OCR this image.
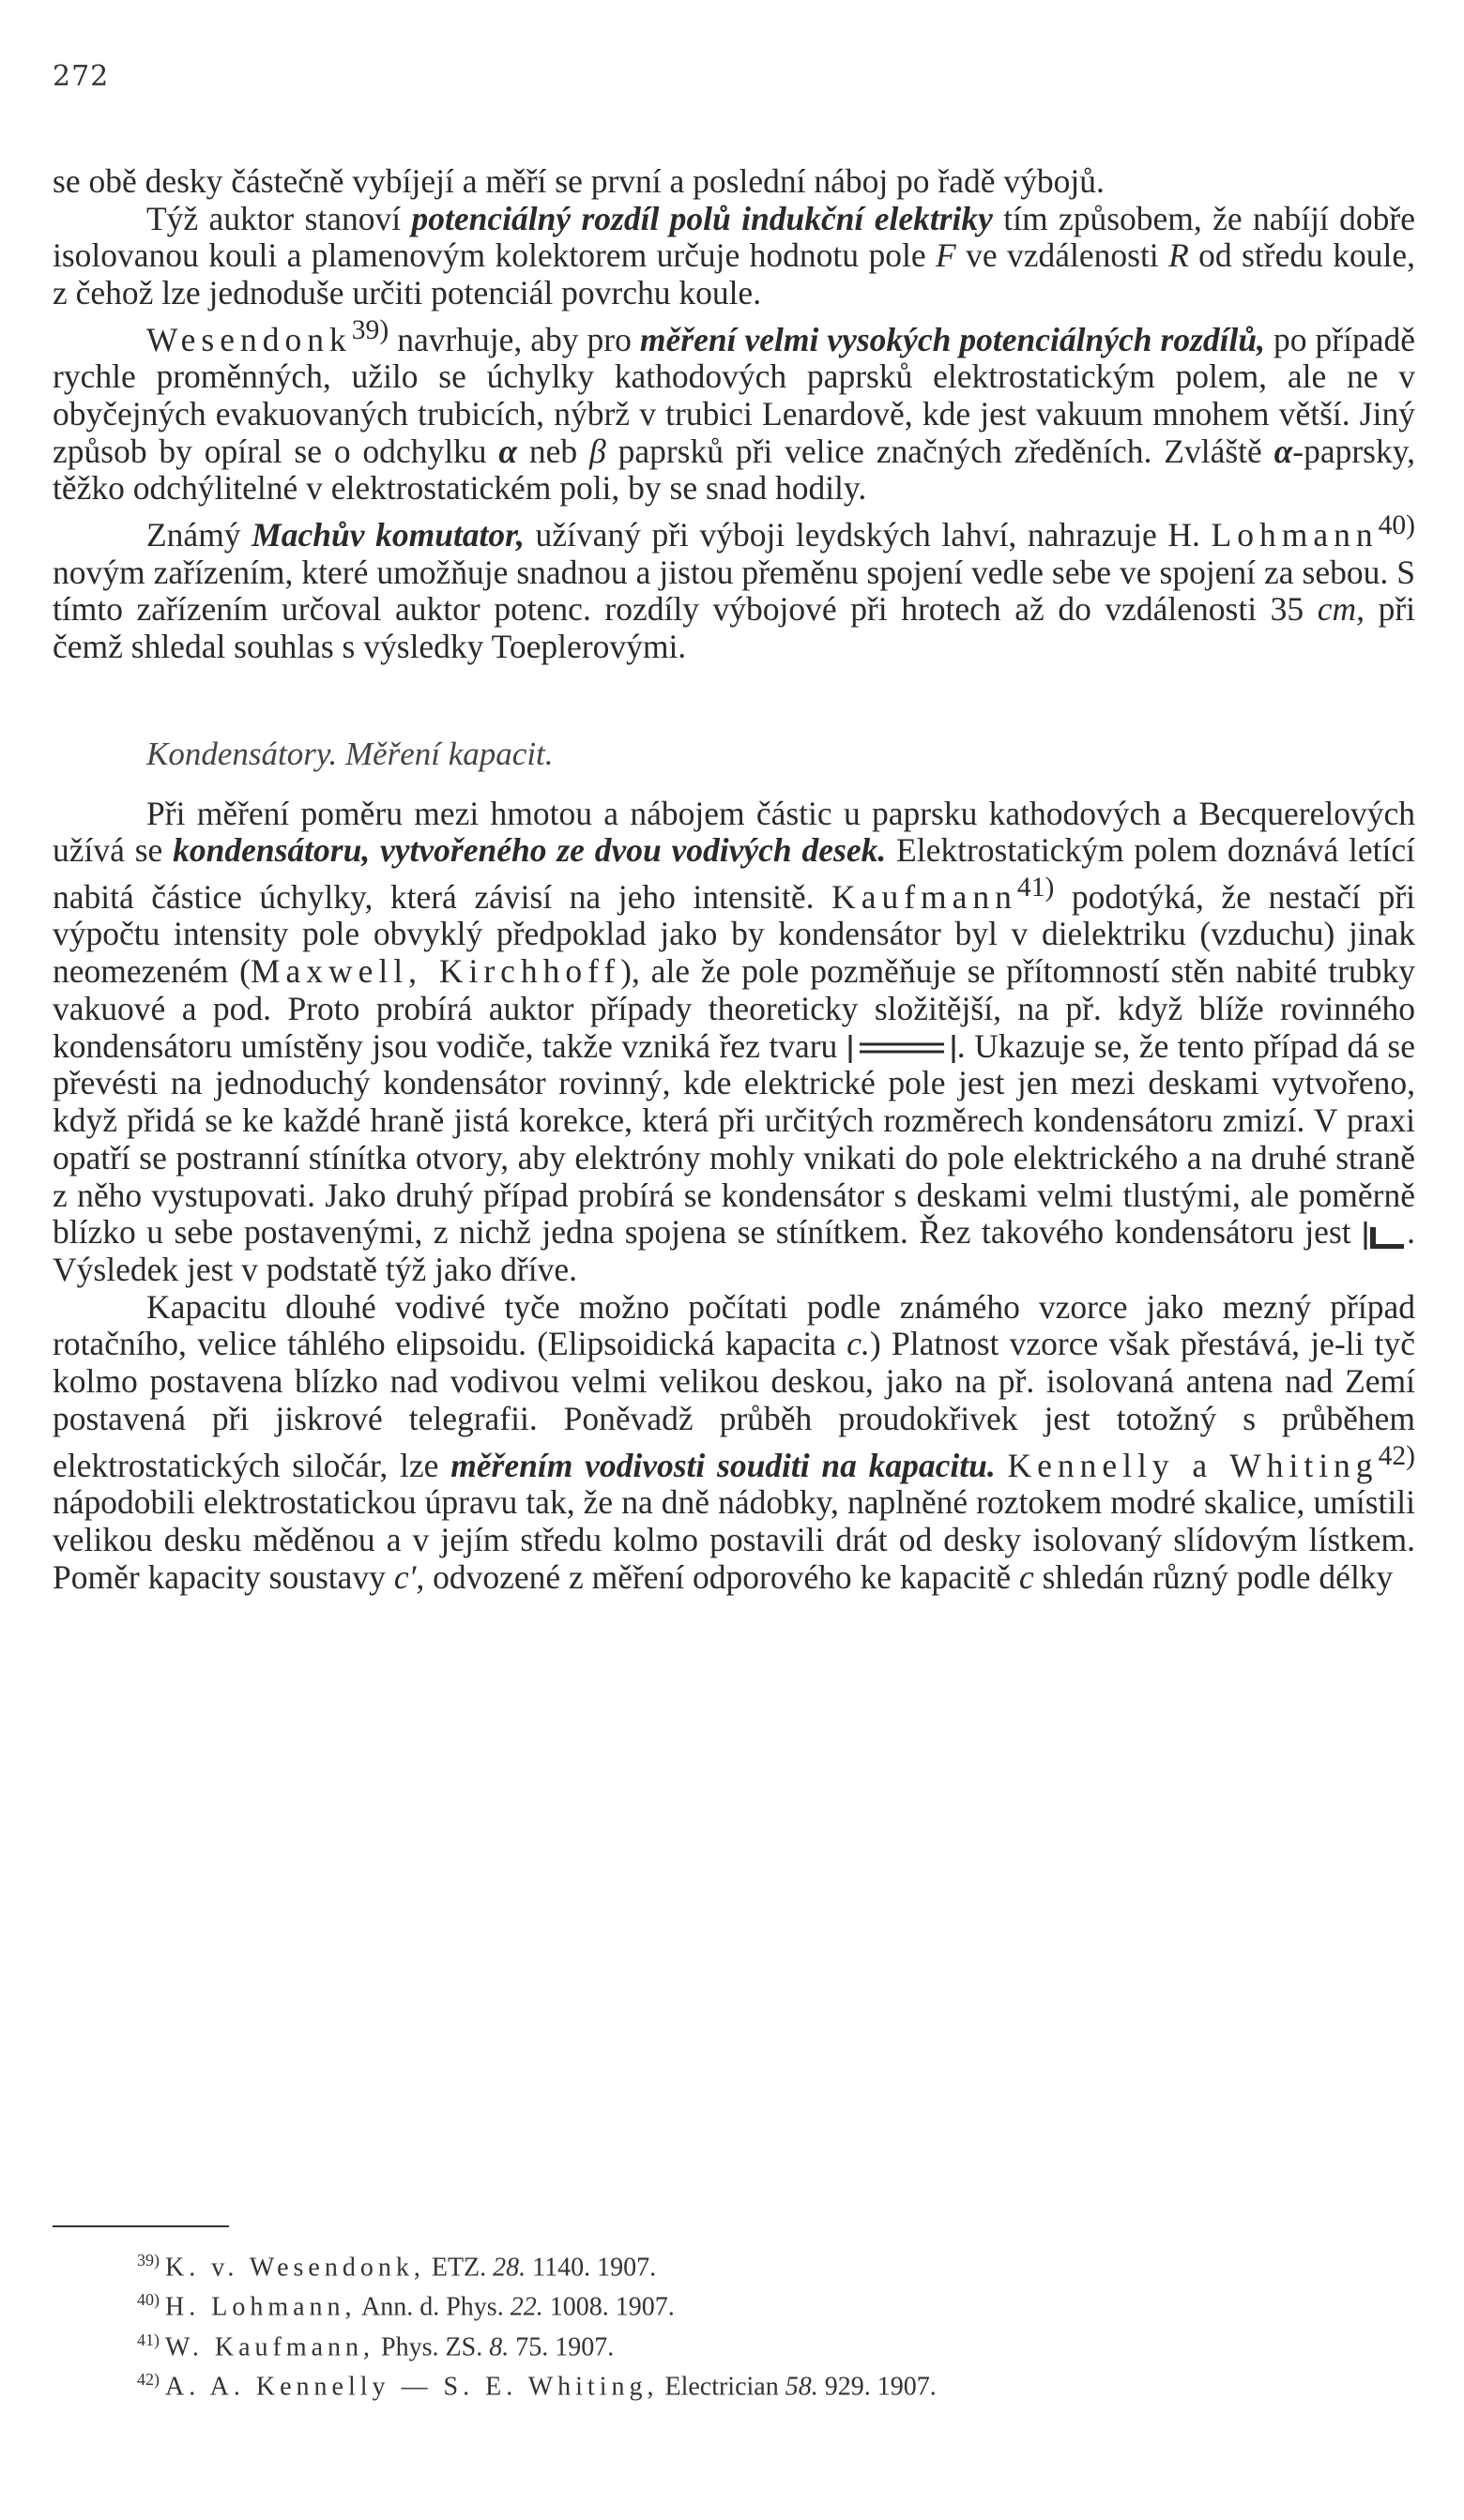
272

se obě desky částečně vybíjejí a měří se první a poslední náboj po řadě výbojů.

Týž auktor stanoví potenciálný rozdíl polů indukční elektriky tím způsobem, že nabíjí dobře isolovanou kouli a plamenovým kolektorem určuje hodnotu pole F ve vzdálenosti R od středu koule, z čehož lze jednoduše určiti potenciál povrchu koule.

Wesendonk$^{39)}$ navrhuje, aby pro měření velmi vysokých potenciálných rozdílů, po případě rychle proměnných, užilo se úchylky kathodových paprsků elektrostatickým polem, ale ne v obyčejných evakuovaných trubicích, nýbrž v trubici Lenardově, kde jest vakuum mnohem větší. Jiný způsob by opíral se o odchylku α neb β paprsků při velice značných zředěních. Zvláště α-paprsky, těžko odchýlitelné v elektrostatickém poli, by se snad hodily.

Známý Machův komutator, užívaný při výboji leydských lahví, nahrazuje H. Lohmann$^{40)}$ novým zařízením, které umožňuje snadnou a jistou přeměnu spojení vedle sebe ve spojení za sebou. S tímto zařízením určoval auktor potenc. rozdíly výbojové při hrotech až do vzdálenosti 35 cm, při čemž shledal souhlas s výsledky Toeplerovými.

Kondensátory. Měření kapacit.

Při měření poměru mezi hmotou a nábojem částic u paprsku kathodových a Becquerelových užívá se kondensátoru, vytvořeného ze dvou vodivých desek. Elektrostatickým polem doznává letící nabitá částice úchylky, která závisí na jeho intensitě. Kaufmann$^{41)}$ podotýká, že nestačí při výpočtu intensity pole obvyklý předpoklad jako by kondensátor byl v dielektriku (vzduchu) jinak neomezeném (Maxwell, Kirchhoff), ale že pole pozměňuje se přítomností stěn nabité trubky vakuové a pod. Proto probírá auktor případy theoreticky složitější, na př. když blíže rovinného kondensátoru umístěny jsou vodiče, takže vzniká řez tvaru	. Ukazuje se, že tento případ dá se převésti na jednoduchý kondensátor rovinný, kde elektrické pole jest jen mezi deskami vytvořeno, když přidá se ke každé hraně jistá korekce, která při určitých rozměrech kondensátoru zmizí. V praxi opatří se postranní stínítka otvory, aby elektróny mohly vnikati do pole elektrického a na druhé straně z něho vystupovati. Jako druhý případ probírá se kondensátor s deskami velmi tlustými, ale poměrně blízko u sebe postavenými, z nichž jedna spojena se stínítkem. Řez takového kondensátoru jest . Výsledek jest v podstatě týž jako dříve.

Kapacitu dlouhé vodivé tyče možno počítati podle známého vzorce jako mezný případ rotačního, velice táhlého elipsoidu. (Elipsoidická kapacita c.) Platnost vzorce však přestává, je-li tyč kolmo postavena blízko nad vodivou velmi velikou deskou, jako na př. isolovaná antena nad Zemí postavená při jiskrové telegrafii. Poněvadž průběh proudokřivek jest totožný s průběhem elektrostatických siločár, lze měřením vodivosti souditi na kapacitu. Kennelly a Whiting$^{42)}$ nápodobili elektrostatickou úpravu tak, že na dně nádobky, naplněné roztokem modré skalice, umístili velikou desku měděnou a v jejím středu kolmo postavili drát od desky isolovaný slídovým lístkem. Poměr kapacity soustavy c′, odvozené z měření odporového ke kapacitě c shledán různý podle délky

$^{39)}$ K. v. Wesendonk, ETZ. 28. 1140. 1907.
$^{40)}$ H. Lohmann, Ann. d. Phys. 22. 1008. 1907.
$^{41)}$ W. Kaufmann, Phys. ZS. 8. 75. 1907.
$^{42)}$ A. A. Kennelly — S. E. Whiting, Electrician 58. 929. 1907.
